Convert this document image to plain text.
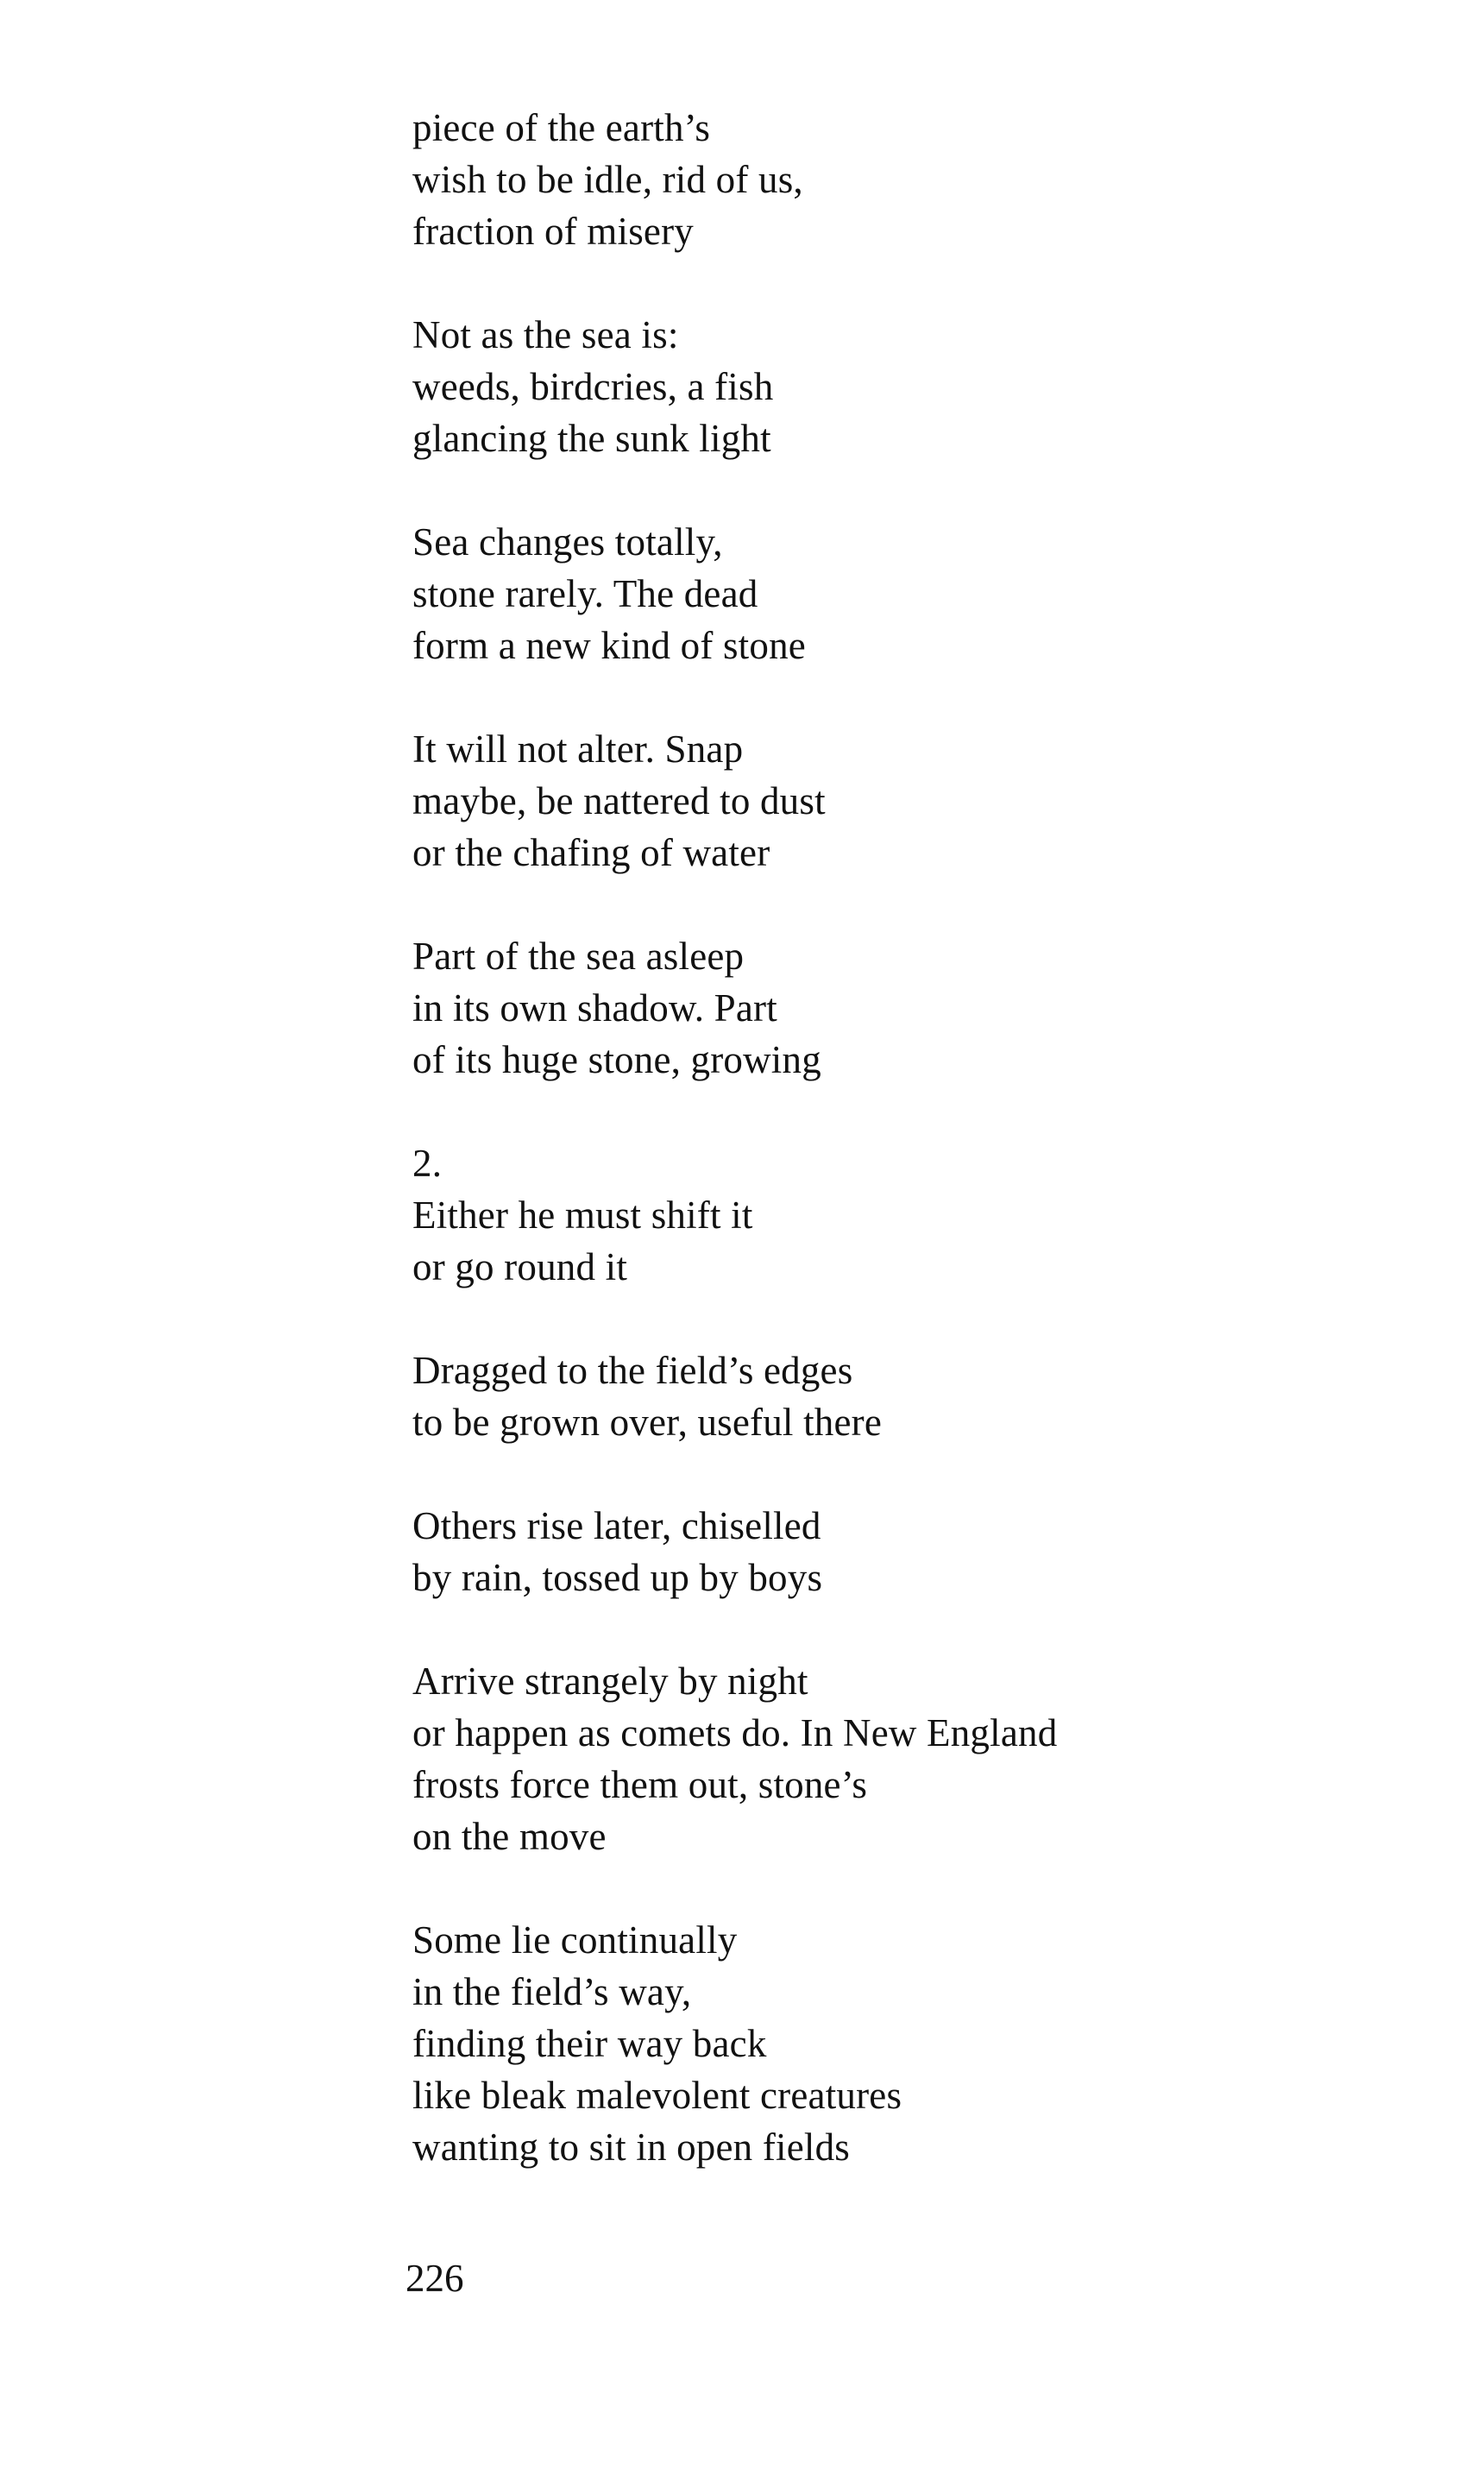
piece of the earth’s
wish to be idle, rid of us,
fraction of misery
Not as the sea is:
weeds, birdcries, a fish
glancing the sunk light
Sea changes totally,
stone rarely. The dead
form a new kind of stone
It will not alter. Snap
maybe, be nattered to dust
or the chafing of water
Part of the sea asleep
in its own shadow. Part
of its huge stone, growing
2.
Either he must shift it
or go round it
Dragged to the field’s edges
to be grown over, useful there
Others rise later, chiselled
by rain, tossed up by boys
Arrive strangely by night
or happen as comets do. In New England
frosts force them out, stone’s
on the move
Some lie continually
in the field’s way,
finding their way back
like bleak malevolent creatures
wanting to sit in open fields
226
